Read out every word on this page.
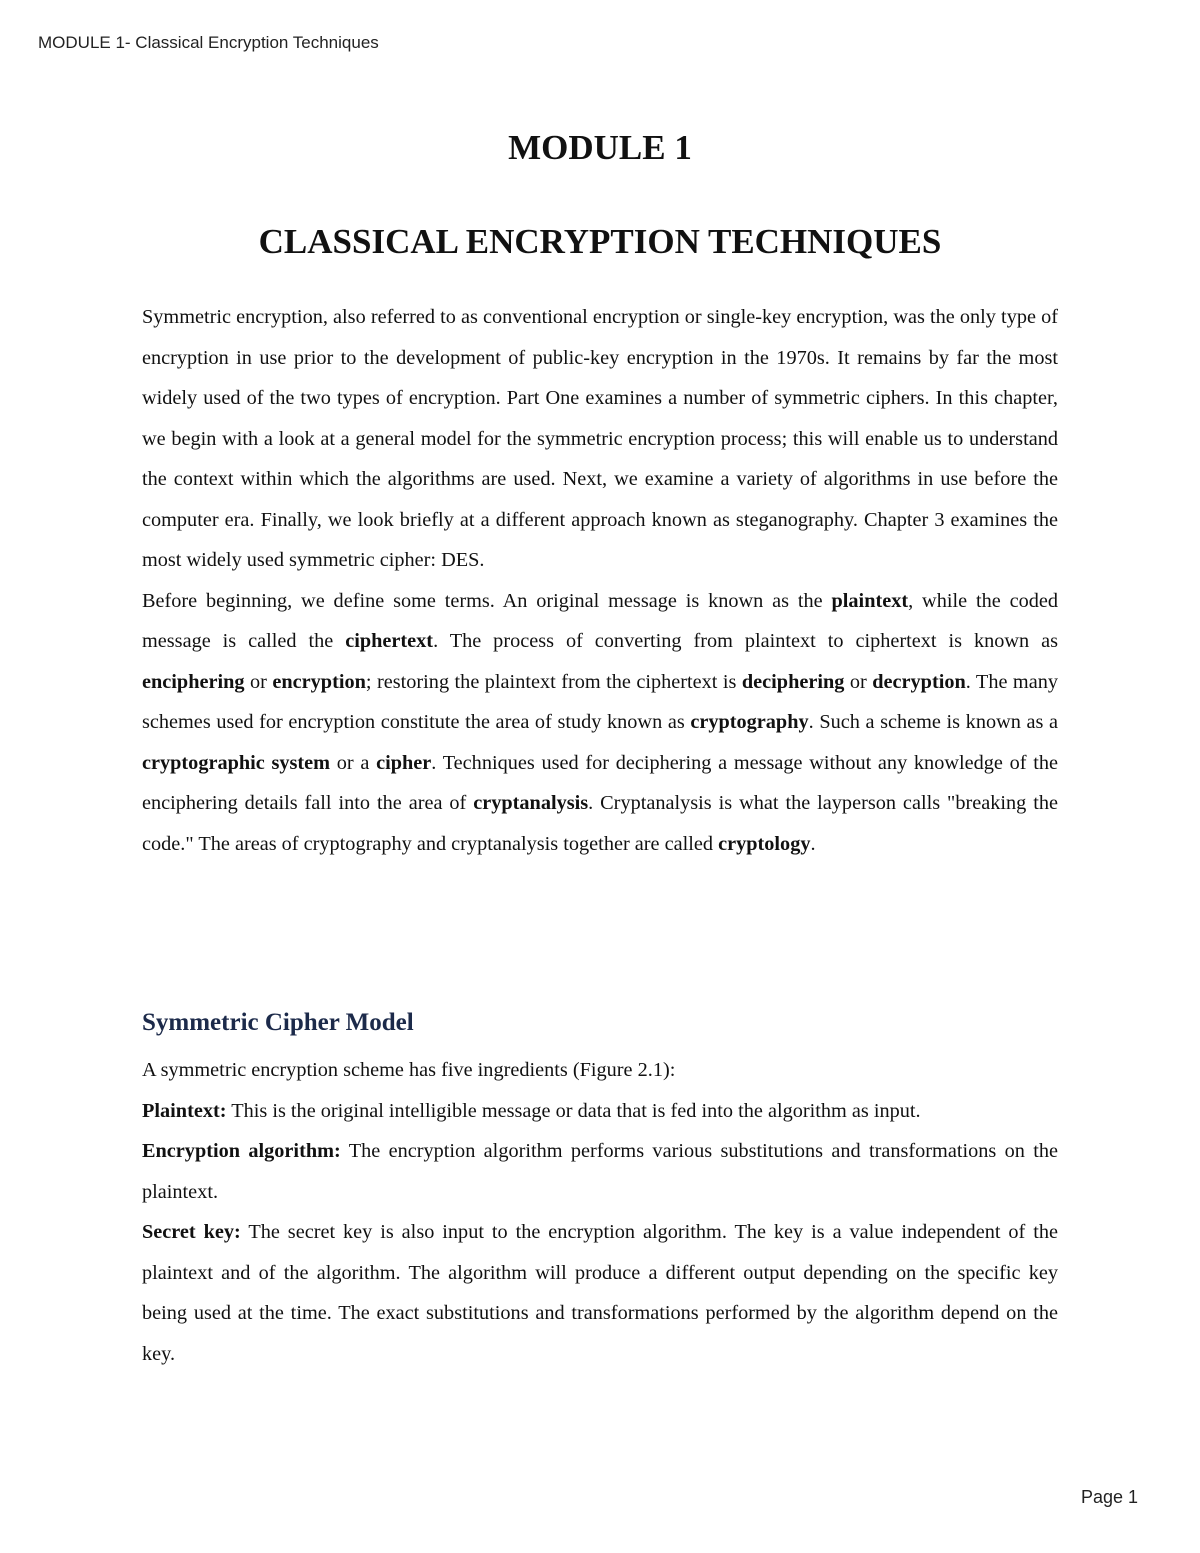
MODULE 1- Classical Encryption Techniques
MODULE 1
CLASSICAL ENCRYPTION TECHNIQUES

Symmetric encryption, also referred to as conventional encryption or single-key encryption, was the only type of encryption in use prior to the development of public-key encryption in the 1970s. It remains by far the most widely used of the two types of encryption. Part One examines a number of symmetric ciphers. In this chapter, we begin with a look at a general model for the symmetric encryption process; this will enable us to understand the context within which the algorithms are used. Next, we examine a variety of algorithms in use before the computer era. Finally, we look briefly at a different approach known as steganography. Chapter 3 examines the most widely used symmetric cipher: DES.

Before beginning, we define some terms. An original message is known as the plaintext, while the coded message is called the ciphertext. The process of converting from plaintext to ciphertext is known as enciphering or encryption; restoring the plaintext from the ciphertext is deciphering or decryption. The many schemes used for encryption constitute the area of study known as cryptography. Such a scheme is known as a cryptographic system or a cipher. Techniques used for deciphering a message without any knowledge of the enciphering details fall into the area of cryptanalysis. Cryptanalysis is what the layperson calls "breaking the code." The areas of cryptography and cryptanalysis together are called cryptology.

Symmetric Cipher Model

A symmetric encryption scheme has five ingredients (Figure 2.1):

Plaintext: This is the original intelligible message or data that is fed into the algorithm as input.

Encryption algorithm: The encryption algorithm performs various substitutions and transformations on the plaintext.

Secret key: The secret key is also input to the encryption algorithm. The key is a value independent of the plaintext and of the algorithm. The algorithm will produce a different output depending on the specific key being used at the time. The exact substitutions and transformations performed by the algorithm depend on the key.

Page 1
